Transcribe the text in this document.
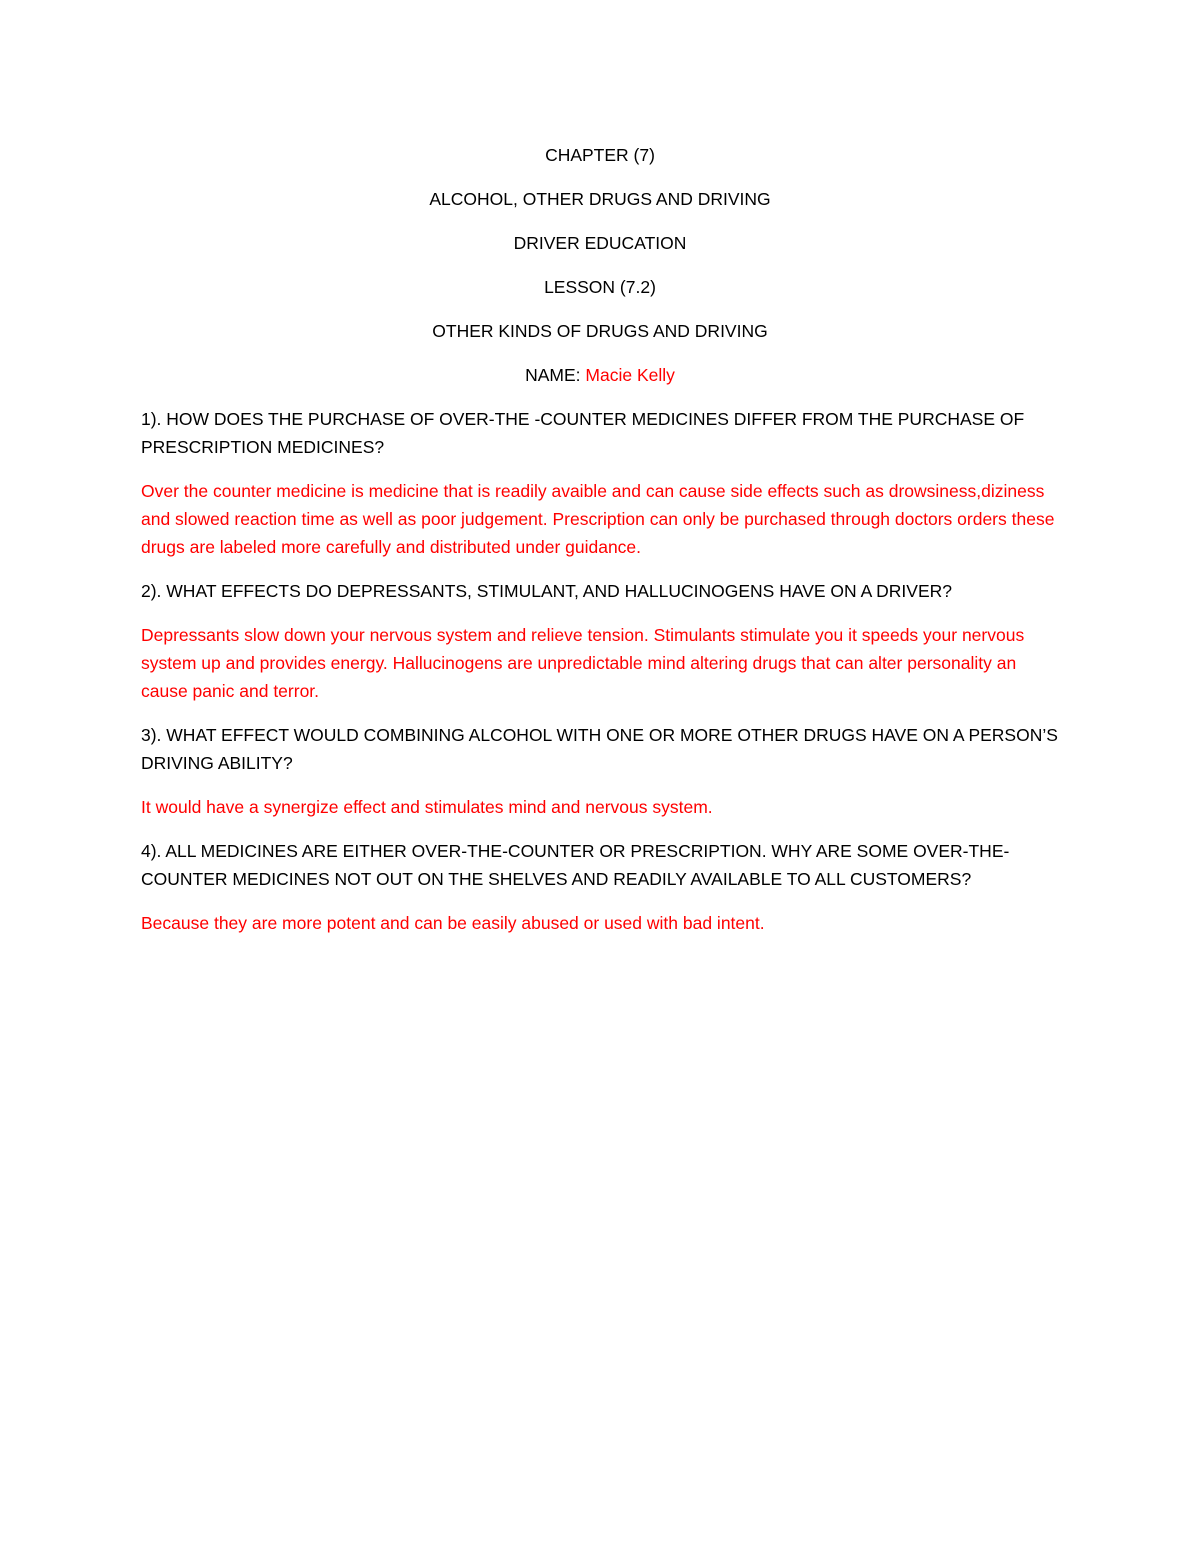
CHAPTER (7)

ALCOHOL, OTHER DRUGS AND DRIVING

DRIVER EDUCATION

LESSON (7.2)

OTHER KINDS OF DRUGS AND DRIVING

NAME: Macie Kelly

1). HOW DOES THE PURCHASE OF OVER-THE -COUNTER MEDICINES DIFFER FROM THE PURCHASE OF PRESCRIPTION MEDICINES?

Over the counter medicine is medicine that is readily avaible and can cause side effects such as drowsiness,diziness and slowed reaction time as well as poor judgement. Prescription can only be purchased through doctors orders these drugs are labeled more carefully and distributed under guidance.

2). WHAT EFFECTS DO DEPRESSANTS, STIMULANT, AND HALLUCINOGENS HAVE ON A DRIVER?

Depressants slow down your nervous system and relieve tension. Stimulants stimulate you it speeds your nervous system up and provides energy. Hallucinogens are unpredictable mind altering drugs that can alter personality an cause panic and terror.

3). WHAT EFFECT WOULD COMBINING ALCOHOL WITH ONE OR MORE OTHER DRUGS HAVE ON A PERSON’S DRIVING ABILITY?

It would have a synergize effect and stimulates mind and nervous system.

4). ALL MEDICINES ARE EITHER OVER-THE-COUNTER OR PRESCRIPTION. WHY ARE SOME OVER-THE-COUNTER MEDICINES NOT OUT ON THE SHELVES AND READILY AVAILABLE TO ALL CUSTOMERS?

Because they are more potent and can be easily abused or used with bad intent.
